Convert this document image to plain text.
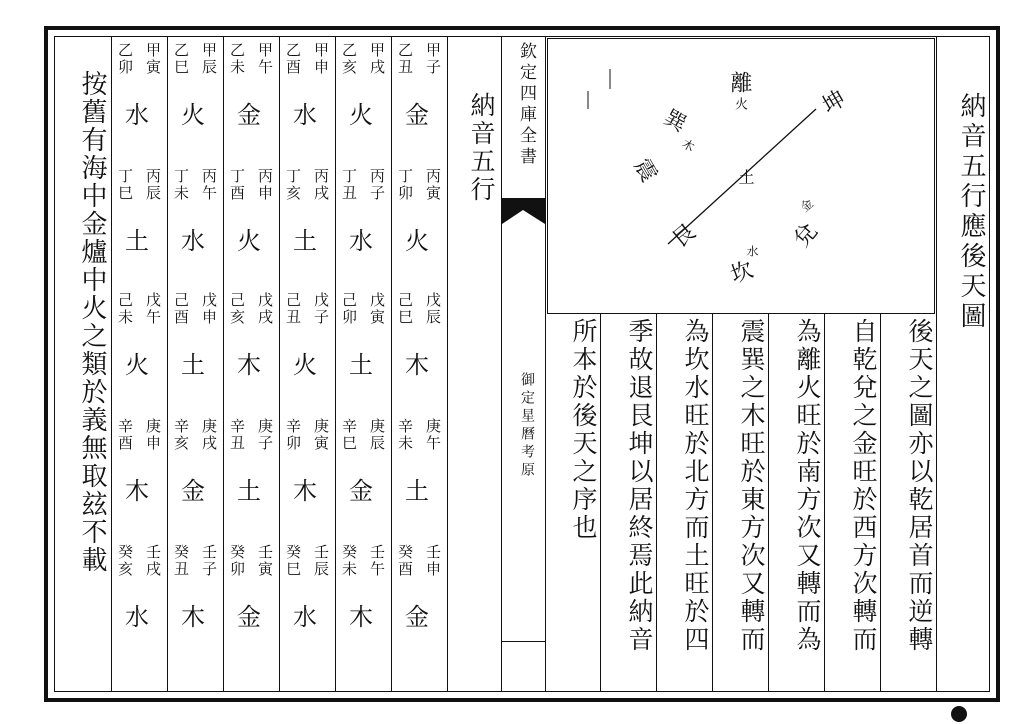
納音五行應後天圖
後天之圖亦以乾居首而逆轉
自乾兌之金旺於西方次轉而
為離火旺於南方次又轉而為
震巽之木旺於東方次又轉而
為坎水旺於北方而土旺於四
季故退艮坤以居終焉此納音
所本於後天之序也
離
火
巽
木
震
艮
土
坎
水 兌
金
坤
欽定四庫全書
御定星曆考原
納音五行
按舊有海中金爐中火之類於義無取玆不載
甲子
乙丑
金
丙寅
丁卯
火
戊辰
己巳
木
庚午
辛未
土
壬申
癸酉
金
甲戌
乙亥
火
丙子
丁丑
水
戊寅
己卯
土
庚辰
辛巳
金
壬午
癸未
木
甲申
乙酉
水
丙戌
丁亥
土
戊子
己丑
火
庚寅
辛卯
木
壬辰
癸巳
水
甲午
乙未
金
丙申
丁酉
火
戊戌
己亥
木
庚子
辛丑
土
壬寅
癸卯
金
甲辰
乙巳
火
丙午
丁未
水
戊申
己酉
土
庚戌
辛亥
金
壬子
癸丑
木
甲寅
乙卯
水
丙辰
丁巳
土
戊午
己未
火
庚申
辛酉
木
壬戌
癸亥
水
